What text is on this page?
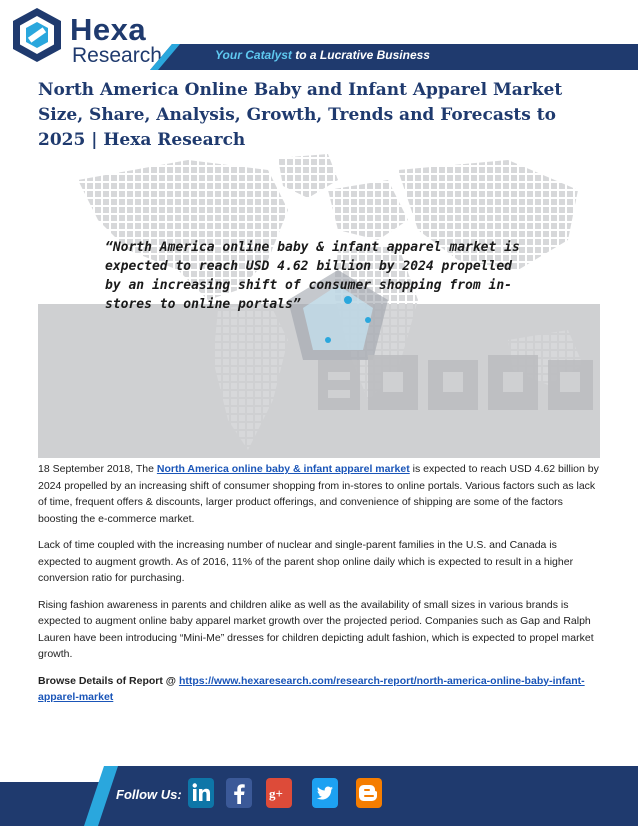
Hexa
Research	Your Catalyst to a Lucrative Business
North America Online Baby and Infant Apparel Market Size, Share, Analysis, Growth, Trends and Forecasts to 2025 | Hexa Research

“North America online baby & infant apparel market is expected to reach USD 4.62 billion by 2024 propelled by an increasing shift of consumer shopping from in-stores to online portals”

18 September 2018, The North America online baby & infant apparel market is expected to reach USD 4.62 billion by 2024 propelled by an increasing shift of consumer shopping from in-stores to online portals. Various factors such as lack of time, frequent offers & discounts, larger product offerings, and convenience of shipping are some of the factors boosting the e-commerce market.

Lack of time coupled with the increasing number of nuclear and single-parent families in the U.S. and Canada is expected to augment growth. As of 2016, 11% of the parent shop online daily which is expected to result in a higher conversion ratio for purchasing.

Rising fashion awareness in parents and children alike as well as the availability of small sizes in various brands is expected to augment online baby apparel market growth over the projected period. Companies such as Gap and Ralph Lauren have been introducing “Mini-Me” dresses for children depicting adult fashion, which is expected to propel market growth.

Browse Details of Report @ https://www.hexaresearch.com/research-report/north-america-online-baby-infant-apparel-market

Follow Us:	g+
